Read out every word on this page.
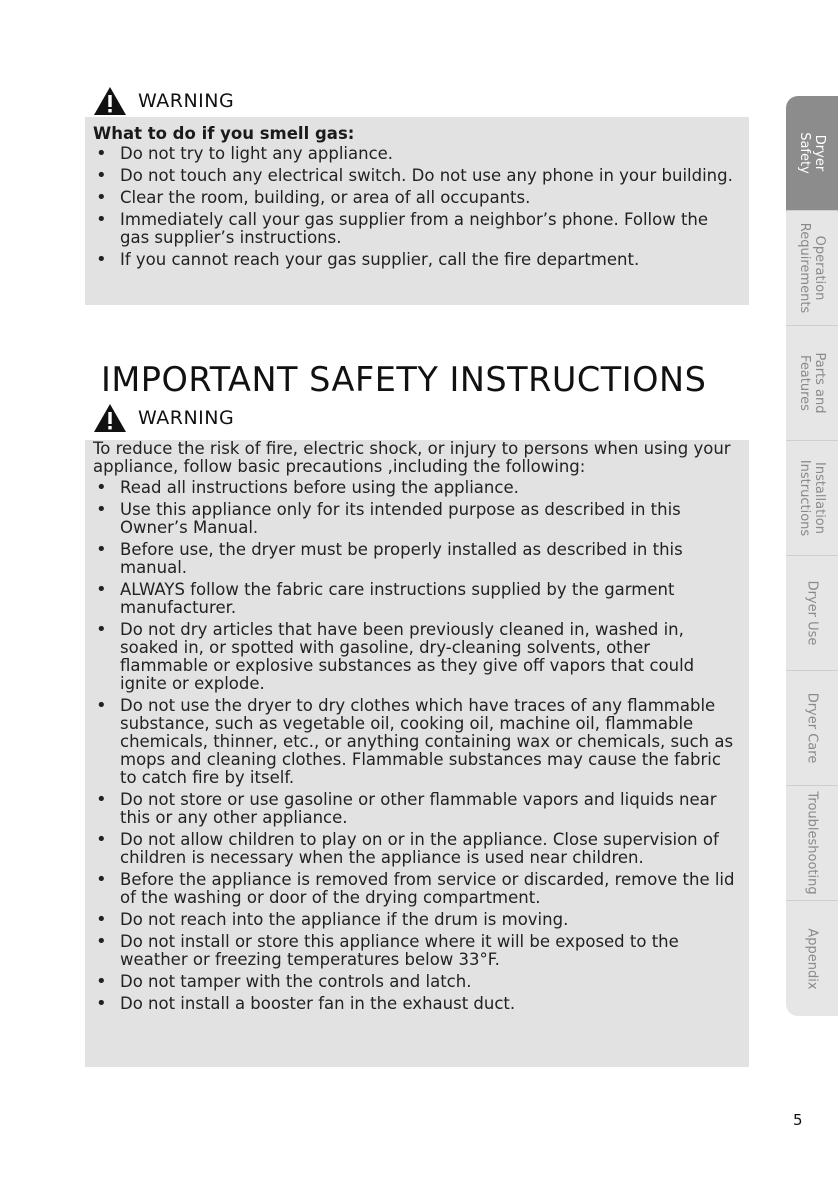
WARNING

What to do if you smell gas:

• Do not try to light any appliance.
• Do not touch any electrical switch. Do not use any phone in your building.
• Clear the room, building, or area of all occupants.
• Immediately call your gas supplier from a neighbor’s phone. Follow the gas supplier’s instructions.
• If you cannot reach your gas supplier, call the fire department.
IMPORTANT SAFETY INSTRUCTIONS
WARNING

To reduce the risk of fire, electric shock, or injury to persons when using your appliance, follow basic precautions ,including the following:

• Read all instructions before using the appliance.
• Use this appliance only for its intended purpose as described in this Owner’s Manual.
• Before use, the dryer must be properly installed as described in this manual.
• ALWAYS follow the fabric care instructions supplied by the garment manufacturer.
• Do not dry articles that have been previously cleaned in, washed in, soaked in, or spotted with gasoline, dry-cleaning solvents, other flammable or explosive substances as they give off vapors that could ignite or explode.
• Do not use the dryer to dry clothes which have traces of any flammable substance, such as vegetable oil, cooking oil, machine oil, flammable chemicals, thinner, etc., or anything containing wax or chemicals, such as mops and cleaning clothes. Flammable substances may cause the fabric to catch fire by itself.
• Do not store or use gasoline or other flammable vapors and liquids near this or any other appliance.
• Do not allow children to play on or in the appliance. Close supervision of children is necessary when the appliance is used near children.
• Before the appliance is removed from service or discarded, remove the lid of the washing or door of the drying compartment.
• Do not reach into the appliance if the drum is moving.
• Do not install or store this appliance where it will be exposed to the weather or freezing temperatures below 33°F.
• Do not tamper with the controls and latch.
• Do not install a booster fan in the exhaust duct.
Dryer
Safety
Operation
Requirements
Parts and
Features
Installation
Instructions
Dryer Use
Dryer Care
Troubleshooting
Appendix
5
